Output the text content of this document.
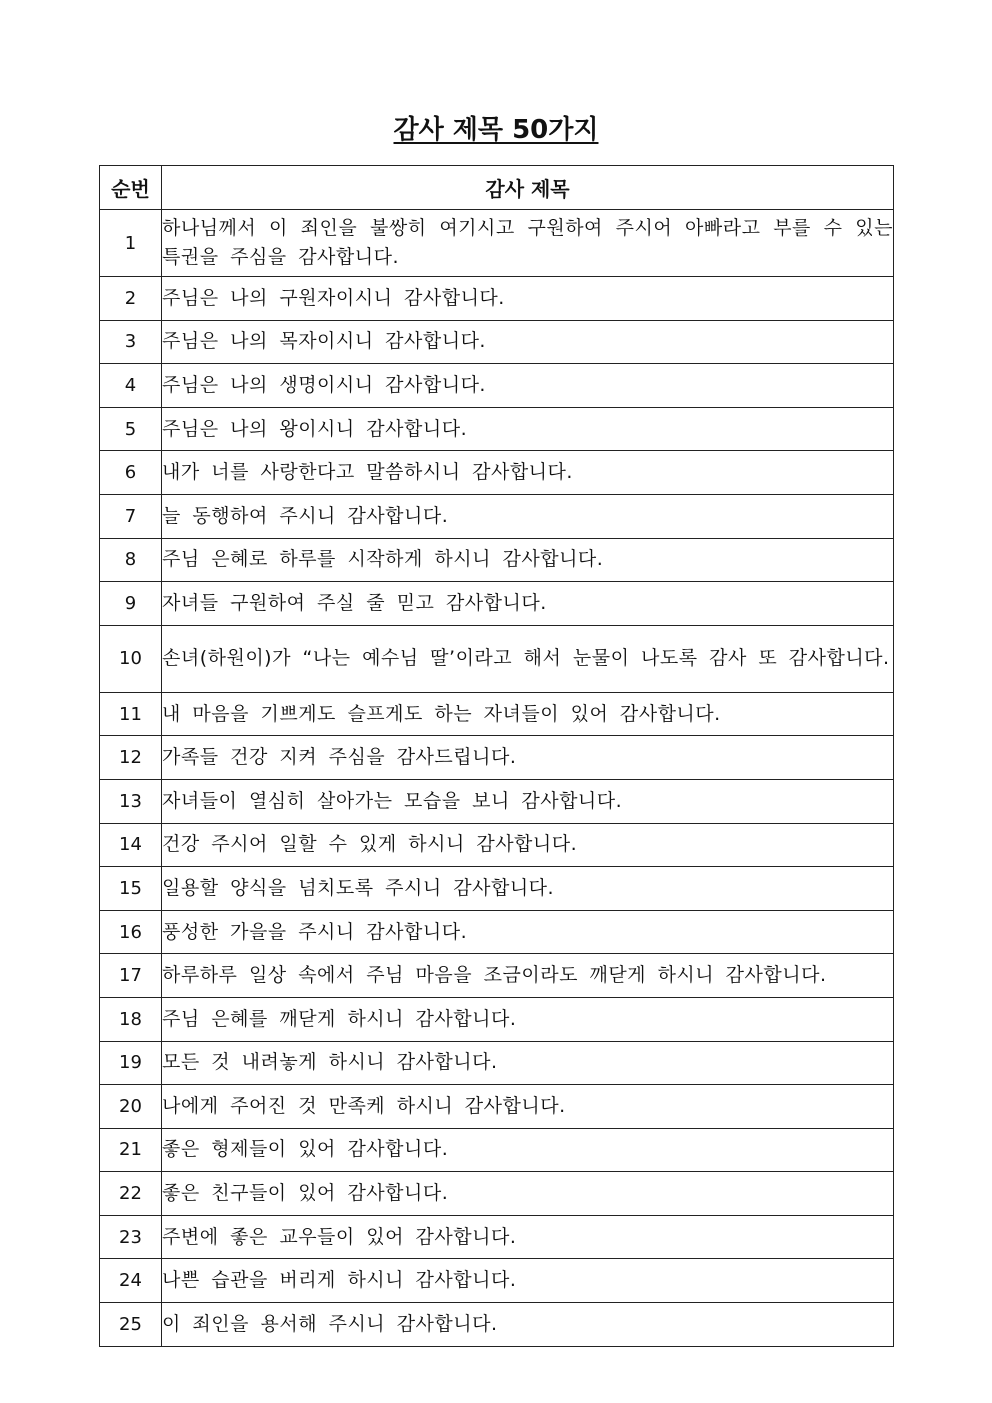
감사 제목 50가지
순번	감사 제목
1	하나님께서 이 죄인을 불쌍히 여기시고 구원하여 주시어 아빠라고 부를 수 있는 특권을 주심을 감사합니다.
2	주님은 나의 구원자이시니 감사합니다.
3	주님은 나의 목자이시니 감사합니다.
4	주님은 나의 생명이시니 감사합니다.
5	주님은 나의 왕이시니 감사합니다.
6	내가 너를 사랑한다고 말씀하시니 감사합니다.
7	늘 동행하여 주시니 감사합니다.
8	주님 은혜로 하루를 시작하게 하시니 감사합니다.
9	자녀들 구원하여 주실 줄 믿고 감사합니다.
10	손녀(하원이)가 “나는 예수님 딸’이라고 해서 눈물이 나도록 감사 또 감사합니다.
11	내 마음을 기쁘게도 슬프게도 하는 자녀들이 있어 감사합니다.
12	가족들 건강 지켜 주심을 감사드립니다.
13	자녀들이 열심히 살아가는 모습을 보니 감사합니다.
14	건강 주시어 일할 수 있게 하시니 감사합니다.
15	일용할 양식을 넘치도록 주시니 감사합니다.
16	풍성한 가을을 주시니 감사합니다.
17	하루하루 일상 속에서 주님 마음을 조금이라도 깨닫게 하시니 감사합니다.
18	주님 은혜를 깨닫게 하시니 감사합니다.
19	모든 것 내려놓게 하시니 감사합니다.
20	나에게 주어진 것 만족케 하시니 감사합니다.
21	좋은 형제들이 있어 감사합니다.
22	좋은 친구들이 있어 감사합니다.
23	주변에 좋은 교우들이 있어 감사합니다.
24	나쁜 습관을 버리게 하시니 감사합니다.
25	이 죄인을 용서해 주시니 감사합니다.
